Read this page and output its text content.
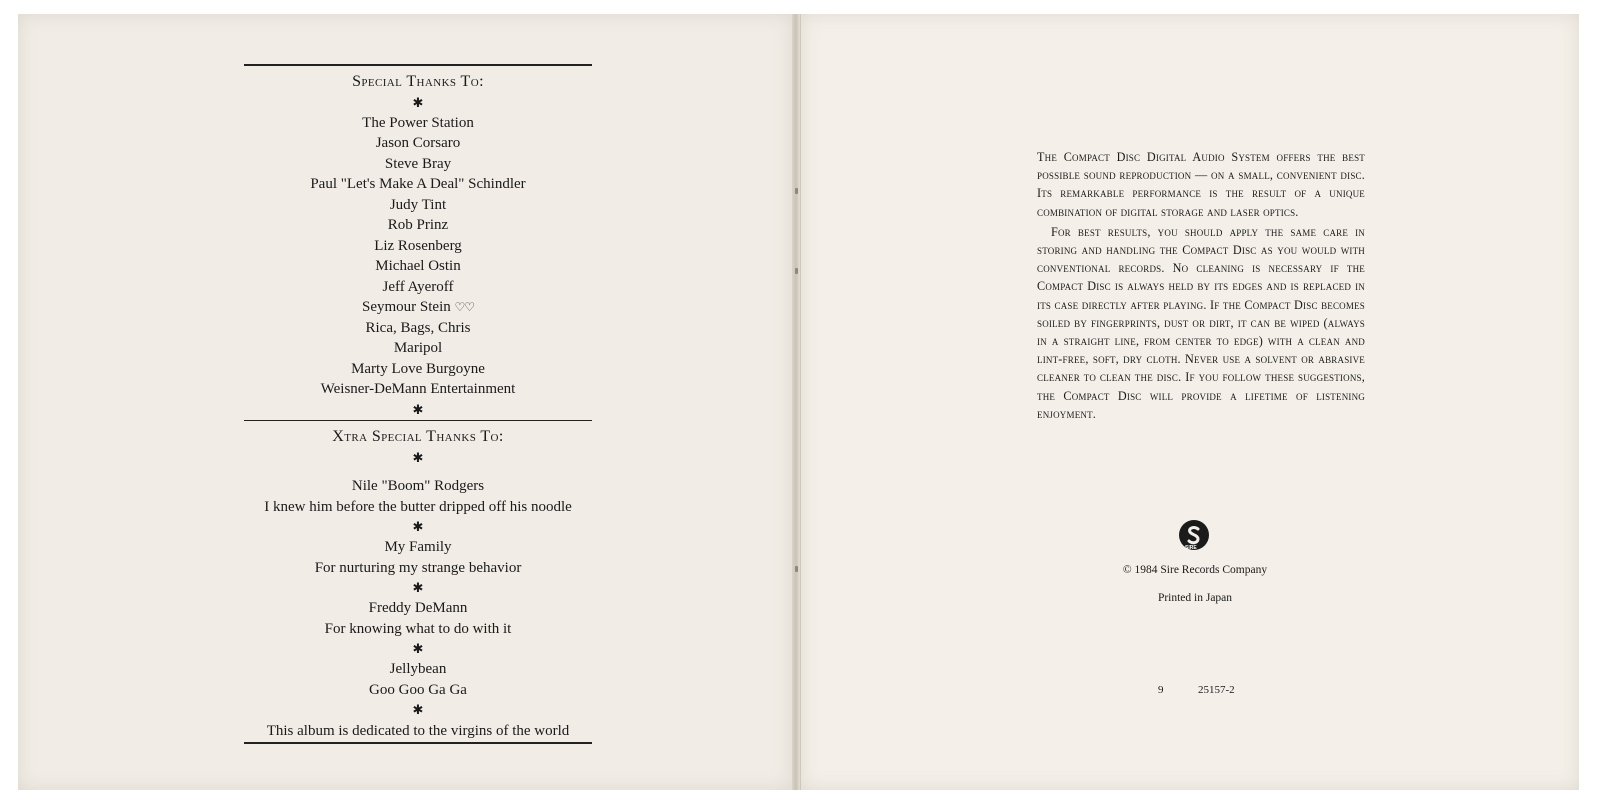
Special Thanks To:
✱
The Power Station
Jason Corsaro
Steve Bray
Paul "Let's Make A Deal" Schindler
Judy Tint
Rob Prinz
Liz Rosenberg
Michael Ostin
Jeff Ayeroff
Seymour Stein ♡♡
Rica, Bags, Chris
Maripol
Marty Love Burgoyne
Weisner-DeMann Entertainment
✱
Xtra Special Thanks To:
✱
Nile "Boom" Rodgers
I knew him before the butter dripped off his noodle
✱
My Family
For nurturing my strange behavior
✱
Freddy DeMann
For knowing what to do with it
✱
Jellybean
Goo Goo Ga Ga
✱
This album is dedicated to the virgins of the world

The Compact Disc Digital Audio System offers the best possible sound reproduction — on a small, convenient disc. Its remarkable performance is the result of a unique combination of digital storage and laser optics.

For best results, you should apply the same care in storing and handling the Compact Disc as you would with conventional records. No cleaning is necessary if the Compact Disc is always held by its edges and is replaced in its case directly after playing. If the Compact Disc becomes soiled by fingerprints, dust or dirt, it can be wiped (always in a straight line, from center to edge) with a clean and lint-free, soft, dry cloth. Never use a solvent or abrasive cleaner to clean the disc. If you follow these suggestions, the Compact Disc will provide a lifetime of listening enjoyment.

SIRE
© 1984 Sire Records Company
Printed in Japan
9	25157-2
